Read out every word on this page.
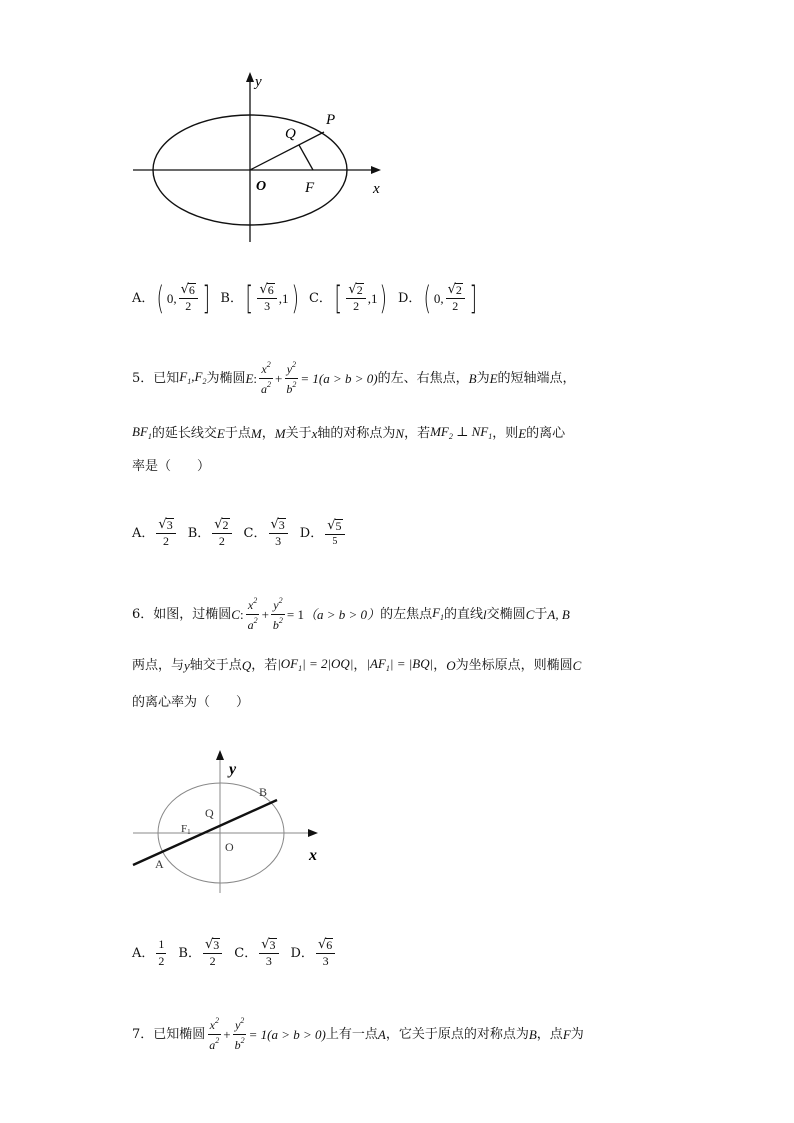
y
x
O
Q
P
F
A． ( 0, $\frac{√ 6}{2}$ ] B． [ $\frac{√ 6}{3} ,1$ ) C． [ $\frac{√ 2}{2} ,1$ ) D． ( 0, $\frac{√ 2}{2}$ ]
5．已知 $F_1,F_2$ 为椭圆 E : $\frac{x^2}{a^2} + \frac{y^2}{b^2} = 1(a > b > 0)$ 的左、右焦点， B 为 E 的短轴端点，
$BF_1$ 的延长线交 E 于点 M ， M 关于 x 轴的对称点为 N ，若 $MF_2$ ⊥ $NF_1$ ，则 E 的离心
率是（　　）
A． $\frac{√ 3}{2}$ B． $\frac{√ 2}{2}$ C． $\frac{√ 3}{3}$ D． $\frac{√ 5}{5}$
6．如图，过椭圆 C : $\frac{x^2}{a^2} + \frac{y^2}{b^2} = 1$ （a > b > 0） 的左焦点 $F_1$ 的直线 l 交椭圆 C 于 A, B
两点，与 y 轴交于点 Q ，若 $|OF_1| = 2|OQ|$ ， $|AF_1| = |BQ|$ ， O 为坐标原点，则椭圆 C
的离心率为（　　）
y
x
B
Q
F1
O
A
A． $\frac{1}{2}$ B． $\frac{√ 3}{2}$ C． $\frac{√ 3}{3}$ D． $\frac{√ 6}{3}$
7．已知椭圆 $\frac{x^2}{a^2} + \frac{y^2}{b^2} = 1(a > b > 0)$ 上有一点 A ，它关于原点的对称点为 B ，点 F 为
